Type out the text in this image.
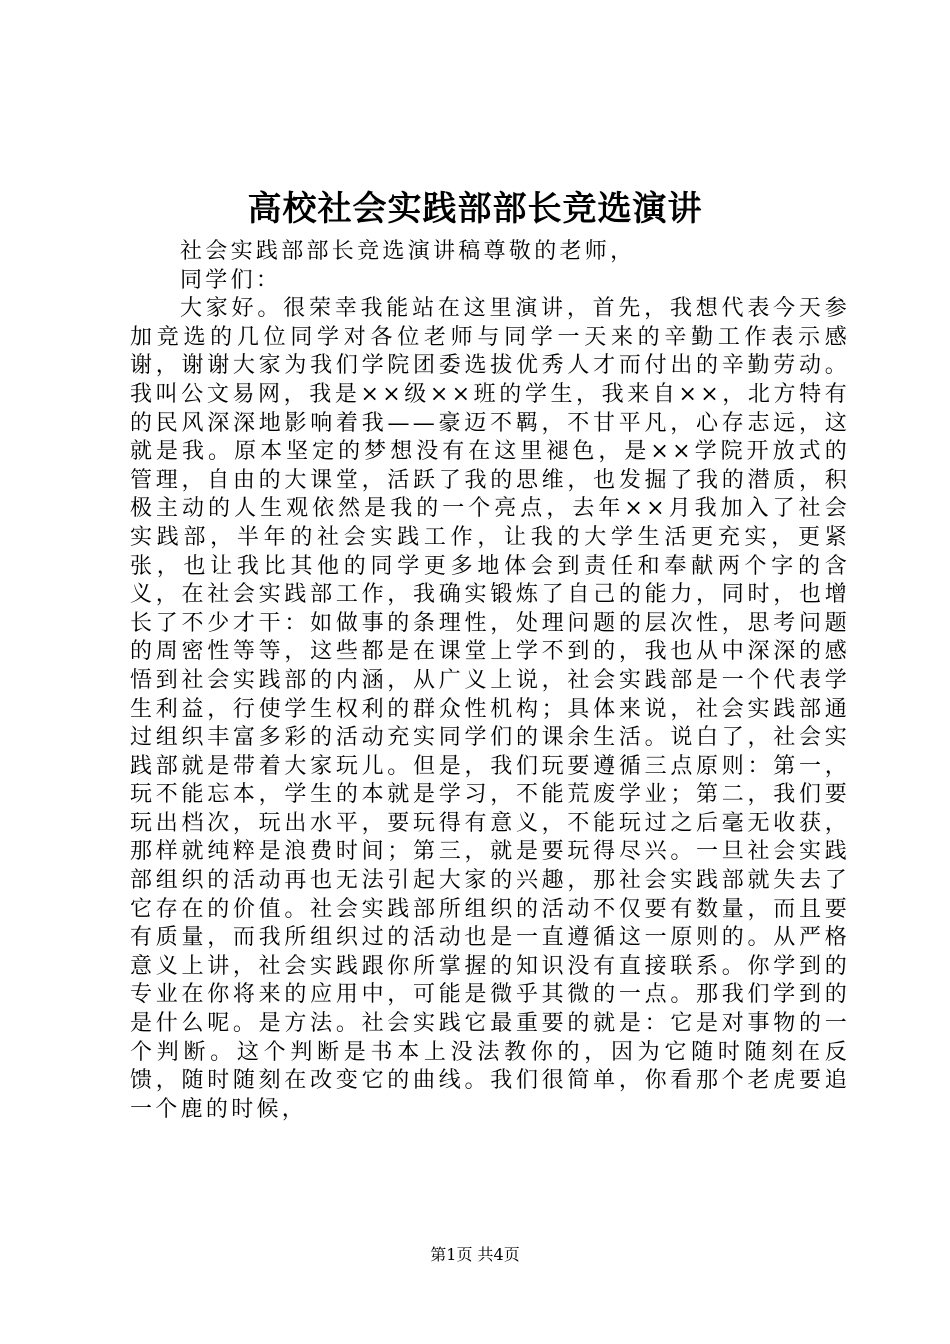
高校社会实践部部长竞选演讲

社会实践部部长竞选演讲稿尊敬的老师，

同学们：

大家好。很荣幸我能站在这里演讲，首先，我想代表今天参加竞选的几位同学对各位老师与同学一天来的辛勤工作表示感谢，谢谢大家为我们学院团委选拔优秀人才而付出的辛勤劳动。我叫公文易网，我是××级××班的学生，我来自××，北方特有的民风深深地影响着我——豪迈不羁，不甘平凡，心存志远，这就是我。原本坚定的梦想没有在这里褪色，是××学院开放式的管理，自由的大课堂，活跃了我的思维，也发掘了我的潜质，积极主动的人生观依然是我的一个亮点，去年××月我加入了社会实践部，半年的社会实践工作，让我的大学生活更充实，更紧张，也让我比其他的同学更多地体会到责任和奉献两个字的含义，在社会实践部工作，我确实锻炼了自己的能力，同时，也增长了不少才干：如做事的条理性，处理问题的层次性，思考问题的周密性等等，这些都是在课堂上学不到的，我也从中深深的感悟到社会实践部的内涵，从广义上说，社会实践部是一个代表学生利益，行使学生权利的群众性机构；具体来说，社会实践部通过组织丰富多彩的活动充实同学们的课余生活。说白了，社会实践部就是带着大家玩儿。但是，我们玩要遵循三点原则：第一，玩不能忘本，学生的本就是学习，不能荒废学业；第二，我们要玩出档次，玩出水平，要玩得有意义，不能玩过之后毫无收获，那样就纯粹是浪费时间；第三，就是要玩得尽兴。一旦社会实践部组织的活动再也无法引起大家的兴趣，那社会实践部就失去了它存在的价值。社会实践部所组织的活动不仅要有数量，而且要有质量，而我所组织过的活动也是一直遵循这一原则的。从严格意义上讲，社会实践跟你所掌握的知识没有直接联系。你学到的专业在你将来的应用中，可能是微乎其微的一点。那我们学到的是什么呢。是方法。社会实践它最重要的就是：它是对事物的一个判断。这个判断是书本上没法教你的，因为它随时随刻在反馈，随时随刻在改变它的曲线。我们很简单，你看那个老虎要追一个鹿的时候，

第1页 共4页
